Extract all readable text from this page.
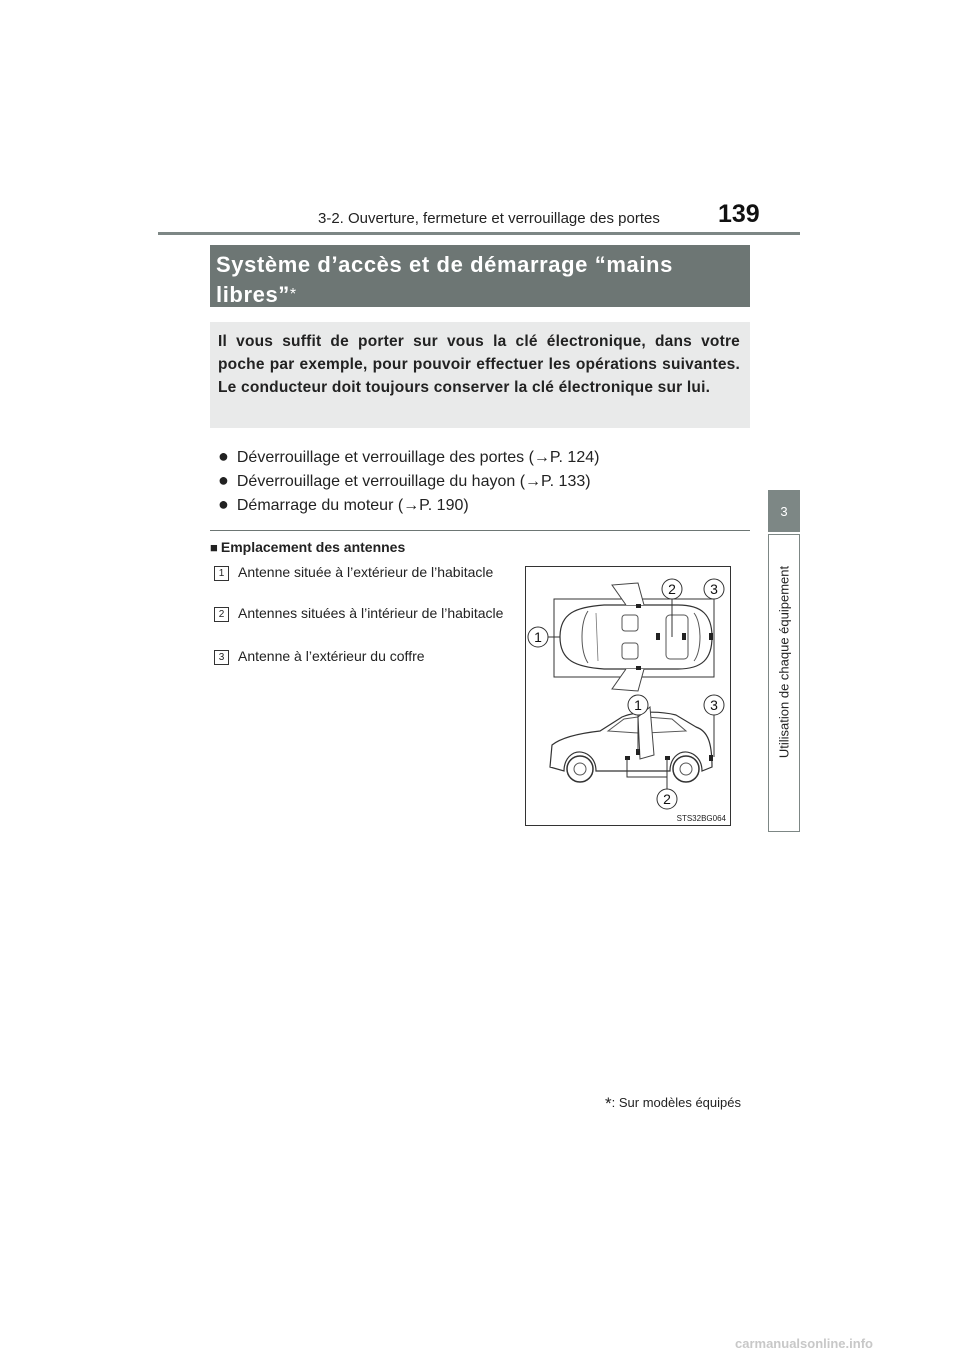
3-2. Ouverture, fermeture et verrouillage des portes 139
3
Utilisation de chaque équipement
Système d’accès et de démarrage “mains libres”*
Il vous suffit de porter sur vous la clé électronique, dans votre poche par exemple, pour pouvoir effectuer les opérations suivantes. Le conducteur doit toujours conserver la clé électronique sur lui.
● Déverrouillage et verrouillage des portes (→P. 124)
● Déverrouillage et verrouillage du hayon (→P. 133)
● Démarrage du moteur (→P. 190)
■ Emplacement des antennes
1 Antenne située à l’extérieur de l’habitacle
2 Antennes situées à l’intérieur de l’habitacle
3 Antenne à l’extérieur du coffre
1
2 3
1	3
2
STS32BG064
*: Sur modèles équipés
carmanualsonline.info
